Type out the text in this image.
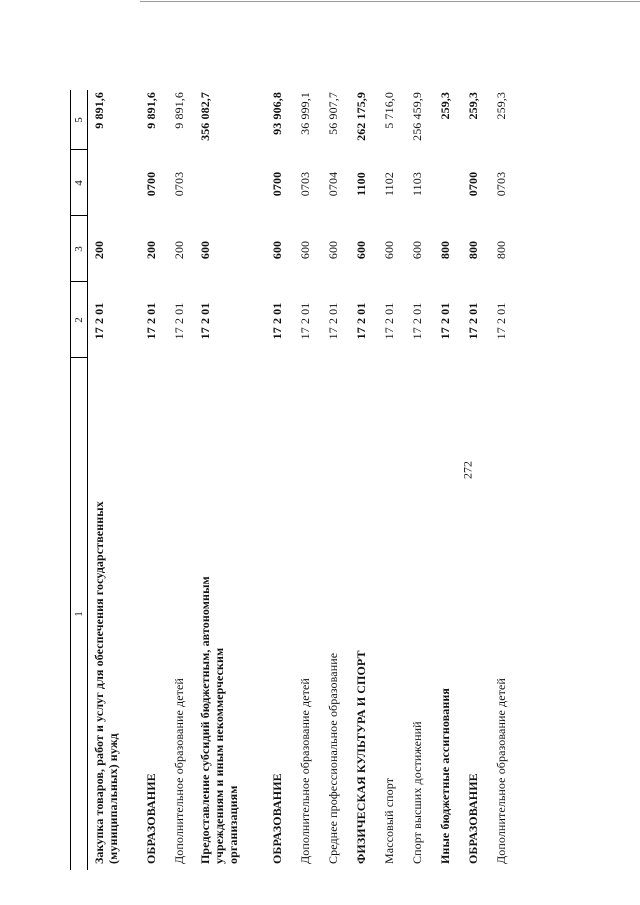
272
1
2
3
4
5
Закупка товаров, работ и услуг для обеспечения государственных (муниципальных) нужд
17 2 01
200
9 891,6
ОБРАЗОВАНИЕ
17 2 01
200
0700
9 891,6
Дополнительное образование детей
17 2 01
200
0703
9 891,6
Предоставление субсидий бюджетным, автономным учреждениям и иным некоммерческим организациям
17 2 01
600
356 082,7
ОБРАЗОВАНИЕ
17 2 01
600
0700
93 906,8
Дополнительное образование детей
17 2 01
600
0703
36 999,1
Среднее профессиональное образование
17 2 01
600
0704
56 907,7
ФИЗИЧЕСКАЯ КУЛЬТУРА И СПОРТ
17 2 01
600
1100
262 175,9
Массовый спорт
17 2 01
600
1102
5 716,0
Спорт высших достижений
17 2 01
600
1103
256 459,9
Иные бюджетные ассигнования
17 2 01
800
259,3
ОБРАЗОВАНИЕ
17 2 01
800
0700
259,3
Дополнительное образование детей
17 2 01
800
0703
259,3
